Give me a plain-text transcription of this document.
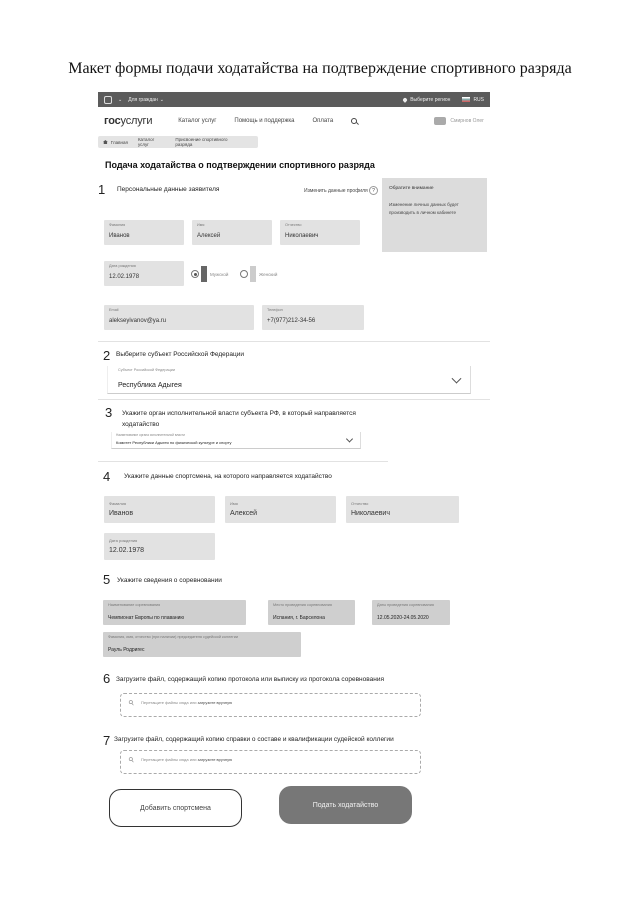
Макет формы подачи ходатайства на подтверждение спортивного разряда
⌄ Для граждан ⌄	Выберите регион	RUS
госуслуги	Каталог услуг	Помощь и поддержка	Оплата	Смирнов Олег
Главная Каталог услуг
Присвоение спортивного разряда
Подача ходатайства о подтверждении спортивного разряда
Обратите внимание
Изменение личных данных будет производить в личном кабинете
1 Персональные данные заявителя	Изменить данные профиля ?
Фамилия
Иванов
Имя
Алексей
Отчество
Николаевич
Дата рождения
12.02.1978	Мужской	Женский
Email
alekseyivanov@ya.ru
Телефон
+7(977)212-34-56
2 Выберите субъект Российской Федерации
Субъект Российской Федерации
Республика Адыгея
3 Укажите орган исполнительной власти субъекта РФ, в который направляется
ходатайство
Наименование органа исполнительной власти
Комитет Республики Адыгея по физической культуре и спорту
4 Укажите данные спортсмена, на которого направляется ходатайство
Фамилия
Иванов
Имя
Алексей
Отчество
Николаевич
Дата рождения
12.02.1978
5 Укажите сведения о соревновании
Наименование соревнования
Чемпионат Европы по плаванию
Место проведения соревнования
Испания, г. Барселона
Даты проведения соревнования
12.05.2020-24.05.2020
Фамилия, имя, отчество (при наличии) председателя судейской коллегии
Рауль Родригес
6 Загрузите файл, содержащий копию протокола или выписку из протокола соревнования
⚲ Перетащите файлы сюда или загрузите вручную
7 Загрузите файл, содержащий копию справки о составе и квалификации судейской коллегии
⚲ Перетащите файлы сюда или загрузите вручную
Добавить спортсмена	Подать ходатайство
